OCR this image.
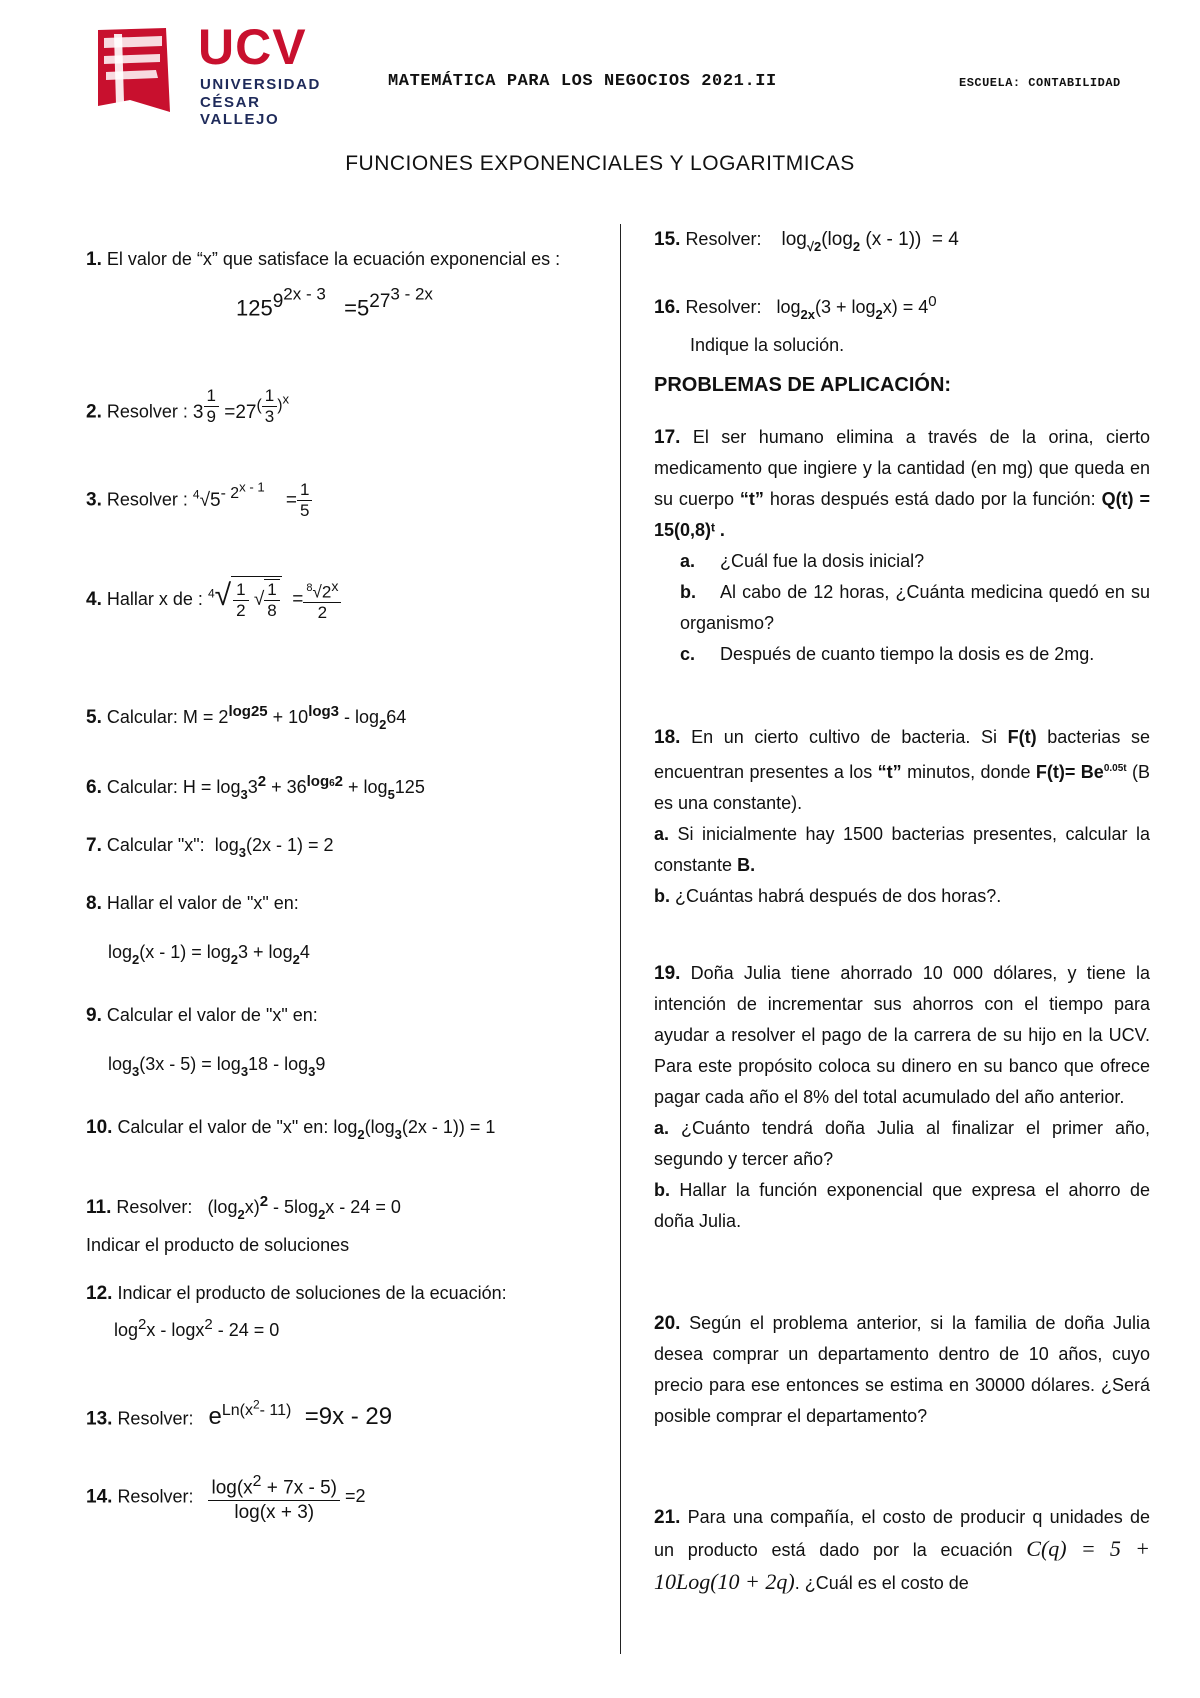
UCV
UNIVERSIDAD
CÉSAR VALLEJO
MATEMÁTICA PARA LOS NEGOCIOS 2021.II	ESCUELA: CONTABILIDAD
FUNCIONES EXPONENCIALES Y LOGARITMICAS
1. El valor de “x” que satisface la ecuación exponencial es :
$125^{9^{2x - 3}} =5^{27^{3 - 2x}}$
2. Resolver : 3 $^{\frac{1}{9}} =27^{( \frac{1}{3} )^x}$
3. Resolver : $^4√5^{- 2^{x - 1}}$    = $\frac{1}{5}$
4. Hallar x de : $^4√ \frac{1}{2}$ √ $\frac{1}{8} = \frac{^8√2^x}{2}$
5. Calcular: $M = 2^{log25} + 10^{log3} - \log_264$
6. Calcular: $H = \log_33^2 + 36^{log62} + \log_5125$
7. Calcular "x": $\log_3(2x - 1) = 2$
8. Hallar el valor de "x" en:
$\log_2(x - 1) = \log_23 + \log_24$
9. Calcular el valor de "x" en:
$\log_3(3x - 5) = \log_318 - \log_39$
10. Calcular el valor de "x" en: $\log_2(\log_3(2x - 1)) = 1$
11. Resolver: $(\log_2x)^2 - 5\log_2x - 24 = 0$
Indicar el producto de soluciones
12. Indicar el producto de soluciones de la ecuación:
$\log^2x - \log x^2 - 24 = 0$
13. Resolver: $e^{Ln(x^2- 11)} =9x - 29$
14. Resolver: $\frac{\log(x^2 + 7x - 5)}{\log(x + 3)} =2$
15. Resolver: $\log_{√2}(\log_2$ (x - 1))  = 4
16. Resolver: $\log_{2x}(3 + \log_2x) = 4^0$
Indique la solución.
PROBLEMAS DE APLICACIÓN:
17. El ser humano elimina a través de la orina, cierto medicamento que ingiere y la cantidad (en mg) que queda en su cuerpo “t” horas después está dado por la función: Q(t) = 15(0,8)ᵗ .
a. ¿Cuál fue la dosis inicial?
b. Al cabo de 12 horas, ¿Cuánta medicina quedó en su organismo?
c. Después de cuanto tiempo la dosis es de 2mg.
18. En un cierto cultivo de bacteria. Si F(t) bacterias se encuentran presentes a los “t” minutos, donde $F(t)= Be^{0.05t}$ (B es una constante).
a. Si inicialmente hay 1500 bacterias presentes, calcular la constante B.
b. ¿Cuántas habrá después de dos horas?.
19. Doña Julia tiene ahorrado 10 000 dólares, y tiene la intención de incrementar sus ahorros con el tiempo para ayudar a resolver el pago de la carrera de su hijo en la UCV. Para este propósito coloca su dinero en su banco que ofrece pagar cada año el 8% del total acumulado del año anterior.
a. ¿Cuánto tendrá doña Julia al finalizar el primer año, segundo y tercer año?
b. Hallar la función exponencial que expresa el ahorro de doña Julia.
20. Según el problema anterior, si la familia de doña Julia desea comprar un departamento dentro de 10 años, cuyo precio para ese entonces se estima en 30000 dólares. ¿Será posible comprar el departamento?
21. Para una compañía, el costo de producir q unidades de un producto está dado por la ecuación C(q) = 5 + 10Log(10 + 2q). ¿Cuál es el costo de
